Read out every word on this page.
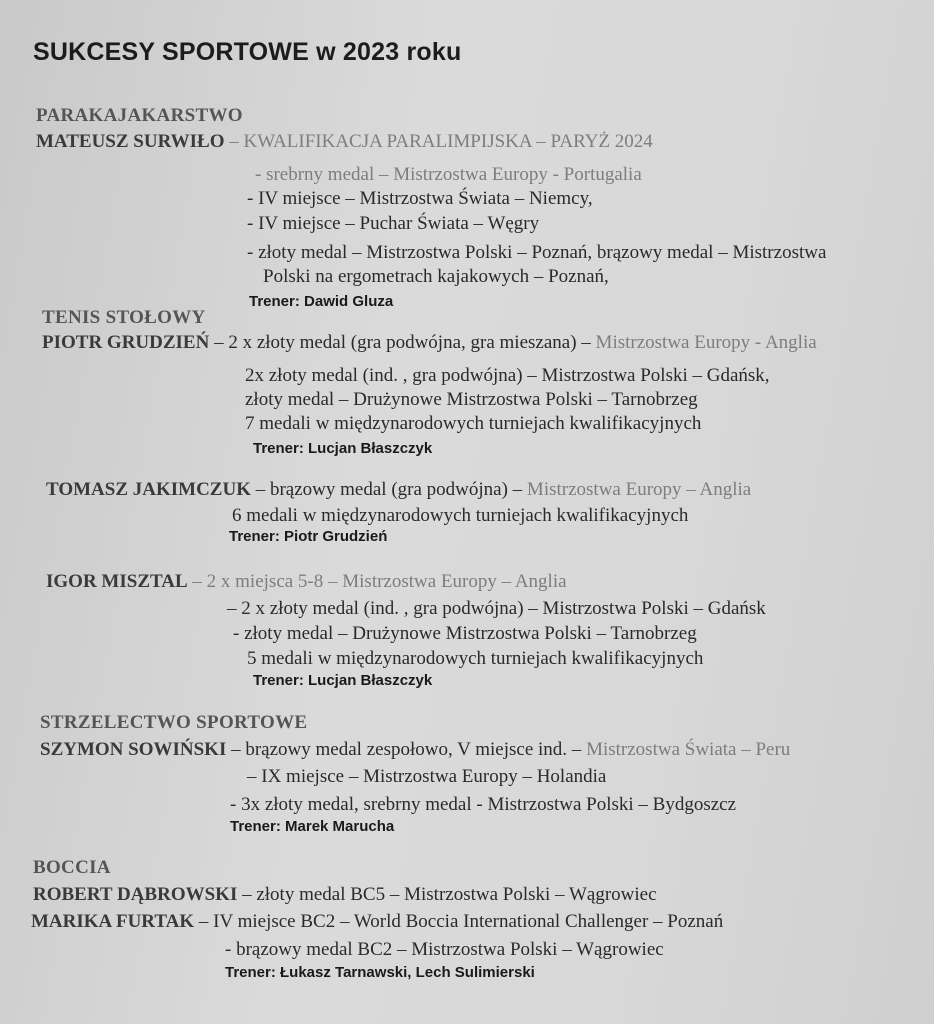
SUKCESY SPORTOWE w 2023 roku
PARAKAJAKARSTWO
MATEUSZ SURWIŁO – KWALIFIKACJA PARALIMPIJSKA – PARYŻ 2024
- srebrny medal – Mistrzostwa Europy - Portugalia
- IV miejsce – Mistrzostwa Świata – Niemcy,
- IV miejsce – Puchar Świata – Węgry
- złoty medal – Mistrzostwa Polski – Poznań, brązowy medal – Mistrzostwa
Polski na ergometrach kajakowych – Poznań,
Trener: Dawid Gluza
TENIS STOŁOWY
PIOTR GRUDZIEŃ – 2 x złoty medal (gra podwójna, gra mieszana) – Mistrzostwa Europy - Anglia
2x złoty medal (ind. , gra podwójna) – Mistrzostwa Polski – Gdańsk,
złoty medal – Drużynowe Mistrzostwa Polski – Tarnobrzeg
7 medali w międzynarodowych turniejach kwalifikacyjnych
Trener: Lucjan Błaszczyk
TOMASZ JAKIMCZUK – brązowy medal (gra podwójna) – Mistrzostwa Europy – Anglia
6 medali w międzynarodowych turniejach kwalifikacyjnych
Trener: Piotr Grudzień
IGOR MISZTAL – 2 x miejsca 5-8 – Mistrzostwa Europy – Anglia
– 2 x złoty medal (ind. , gra podwójna) – Mistrzostwa Polski – Gdańsk
- złoty medal – Drużynowe Mistrzostwa Polski – Tarnobrzeg
5 medali w międzynarodowych turniejach kwalifikacyjnych
Trener: Lucjan Błaszczyk
STRZELECTWO SPORTOWE
SZYMON SOWIŃSKI – brązowy medal zespołowo, V miejsce ind. – Mistrzostwa Świata – Peru
– IX miejsce – Mistrzostwa Europy – Holandia
- 3x złoty medal, srebrny medal - Mistrzostwa Polski – Bydgoszcz
Trener: Marek Marucha
BOCCIA
ROBERT DĄBROWSKI – złoty medal BC5 – Mistrzostwa Polski – Wągrowiec
MARIKA FURTAK – IV miejsce BC2 – World Boccia International Challenger – Poznań
- brązowy medal BC2 – Mistrzostwa Polski – Wągrowiec
Trener: Łukasz Tarnawski, Lech Sulimierski
